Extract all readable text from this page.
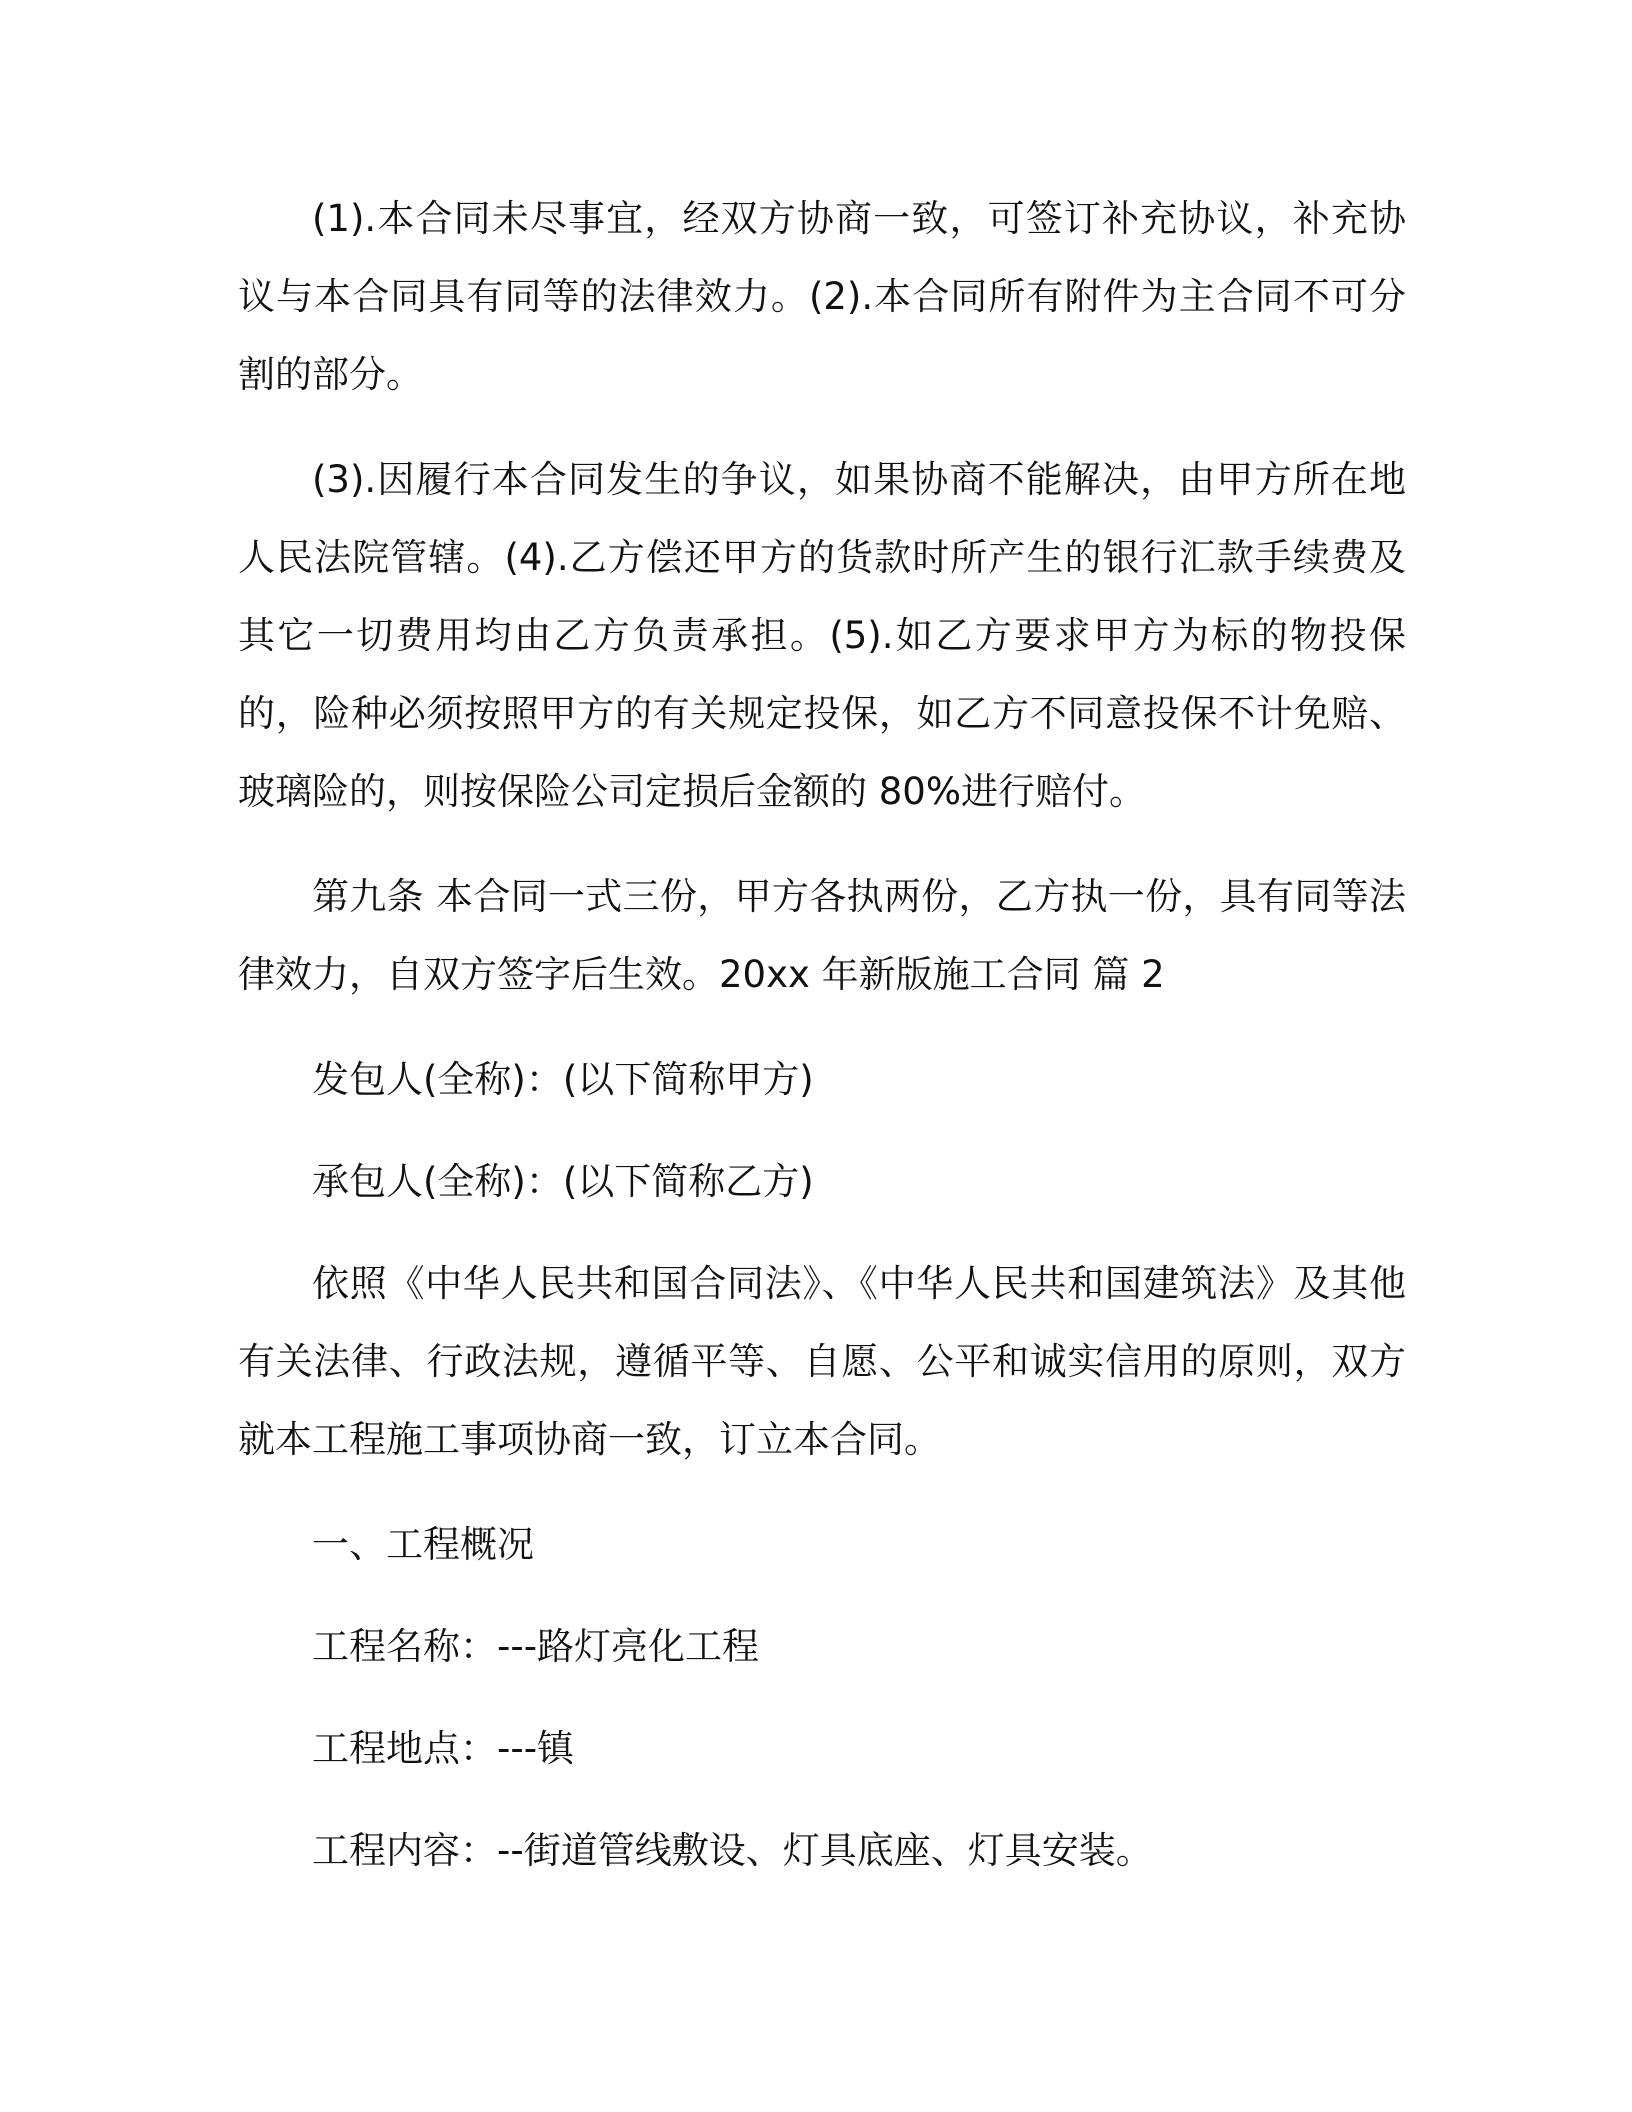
(1).本合同未尽事宜，经双方协商一致，可签订补充协议，补充协议与本合同具有同等的法律效力。(2).本合同所有附件为主合同不可分割的部分。

(3).因履行本合同发生的争议，如果协商不能解决，由甲方所在地人民法院管辖。(4).乙方偿还甲方的货款时所产生的银行汇款手续费及其它一切费用均由乙方负责承担。(5).如乙方要求甲方为标的物投保的，险种必须按照甲方的有关规定投保，如乙方不同意投保不计免赔、玻璃险的，则按保险公司定损后金额的 80%进行赔付。

第九条 本合同一式三份，甲方各执两份，乙方执一份，具有同等法律效力，自双方签字后生效。20xx 年新版施工合同 篇 2

发包人(全称)：(以下简称甲方)

承包人(全称)：(以下简称乙方)

依照《中华人民共和国合同法》、《中华人民共和国建筑法》及其他有关法律、行政法规，遵循平等、自愿、公平和诚实信用的原则，双方就本工程施工事项协商一致，订立本合同。

一、工程概况

工程名称：---路灯亮化工程

工程地点：---镇

工程内容：--街道管线敷设、灯具底座、灯具安装。
